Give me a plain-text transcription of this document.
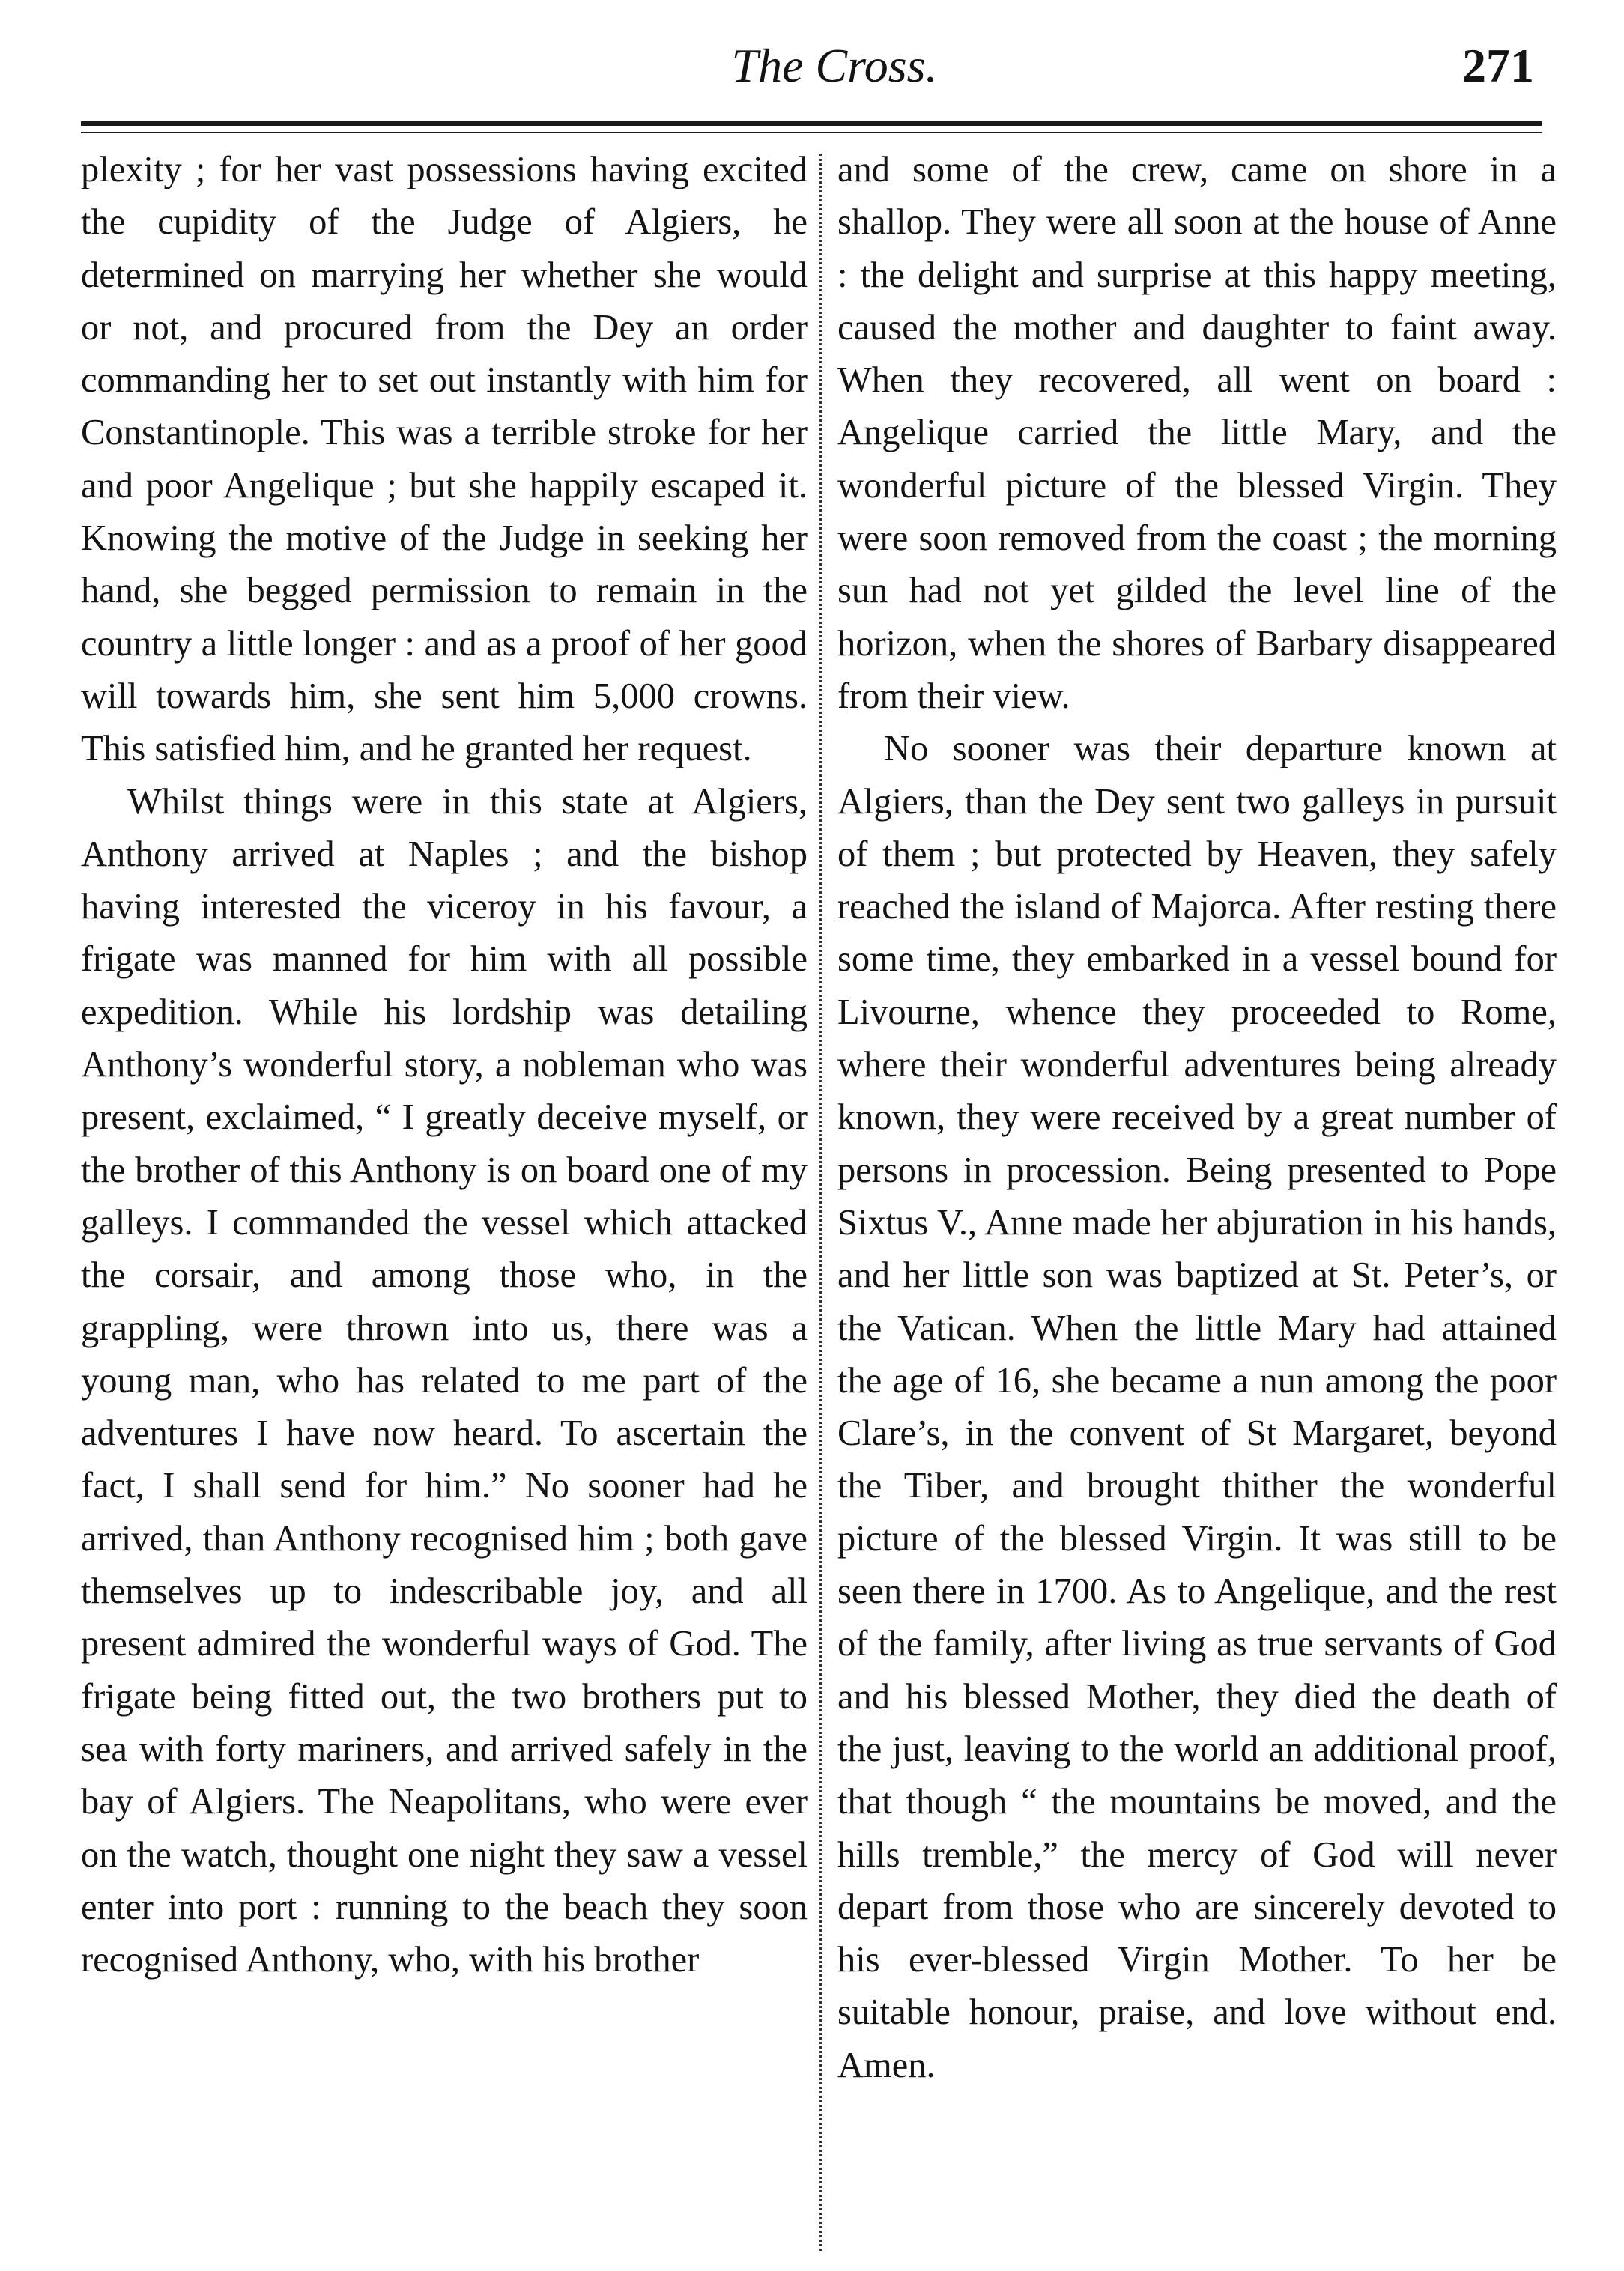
The Cross.	271

plexity ; for her vast possessions having excited the cupidity of the Judge of Algiers, he determined on marrying her whether she would or not, and procured from the Dey an order commanding her to set out instantly with him for Constantinople. This was a terrible stroke for her and poor Angelique ; but she happily escaped it. Knowing the motive of the Judge in seeking her hand, she begged permission to remain in the country a little longer : and as a proof of her good will towards him, she sent him 5,000 crowns. This satisfied him, and he granted her request.

Whilst things were in this state at Algiers, Anthony arrived at Naples ; and the bishop having interested the viceroy in his favour, a frigate was manned for him with all possible expedition. While his lordship was detailing Anthony’s wonderful story, a nobleman who was present, exclaimed, “ I greatly deceive myself, or the brother of this Anthony is on board one of my galleys. I commanded the vessel which attacked the corsair, and among those who, in the grappling, were thrown into us, there was a young man, who has related to me part of the adventures I have now heard. To ascertain the fact, I shall send for him.” No sooner had he arrived, than Anthony recognised him ; both gave themselves up to indescribable joy, and all present admired the wonderful ways of God. The frigate being fitted out, the two brothers put to sea with forty mariners, and arrived safely in the bay of Algiers. The Neapolitans, who were ever on the watch, thought one night they saw a vessel enter into port : running to the beach they soon recognised Anthony, who, with his brother

and some of the crew, came on shore in a shallop. They were all soon at the house of Anne : the delight and surprise at this happy meeting, caused the mother and daughter to faint away. When they recovered, all went on board : Angelique carried the little Mary, and the wonderful picture of the blessed Virgin. They were soon removed from the coast ; the morning sun had not yet gilded the level line of the horizon, when the shores of Barbary disappeared from their view.

No sooner was their departure known at Algiers, than the Dey sent two galleys in pursuit of them ; but protected by Heaven, they safely reached the island of Majorca. After resting there some time, they embarked in a vessel bound for Livourne, whence they proceeded to Rome, where their wonderful adventures being already known, they were received by a great number of persons in procession. Being presented to Pope Sixtus V., Anne made her abjuration in his hands, and her little son was baptized at St. Peter’s, or the Vatican. When the little Mary had attained the age of 16, she became a nun among the poor Clare’s, in the convent of St Margaret, beyond the Tiber, and brought thither the wonderful picture of the blessed Virgin. It was still to be seen there in 1700. As to Angelique, and the rest of the family, after living as true servants of God and his blessed Mother, they died the death of the just, leaving to the world an additional proof, that though “ the mountains be moved, and the hills tremble,” the mercy of God will never depart from those who are sincerely devoted to his ever-blessed Virgin Mother. To her be suitable honour, praise, and love without end. Amen.
